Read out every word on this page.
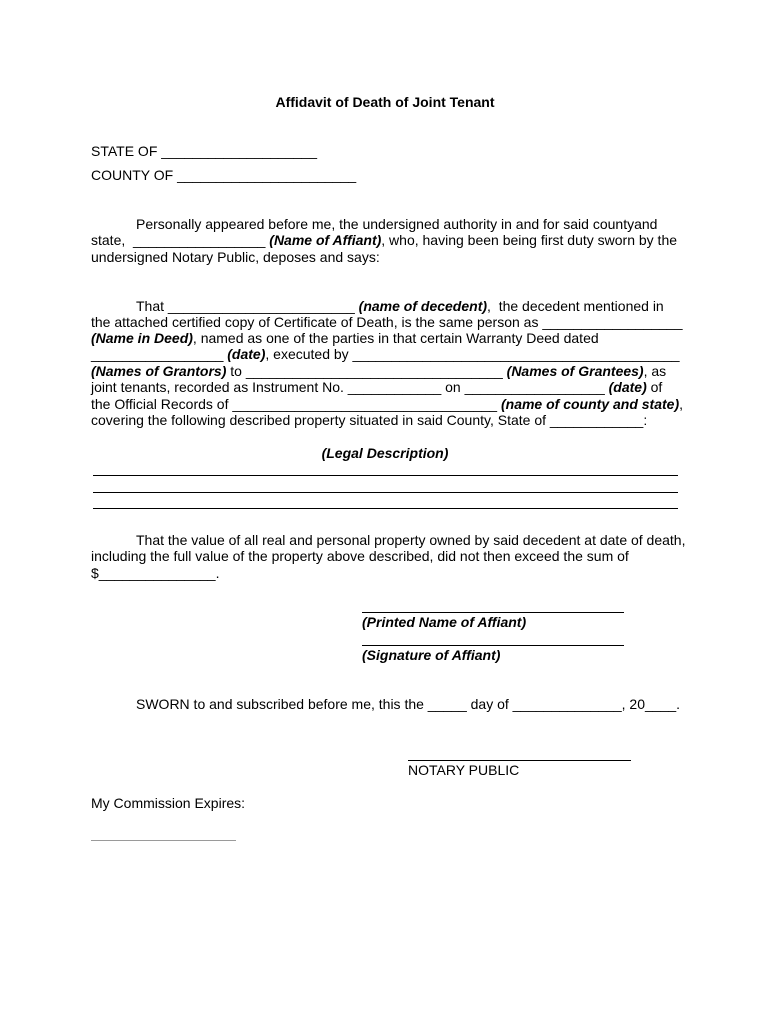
Affidavit of Death of Joint Tenant
STATE OF ____________________
COUNTY OF _______________________
Personally appeared before me, the undersigned authority in and for said countyand
state,  _________________ (Name of Affiant), who, having been being first duty sworn by the
undersigned Notary Public, deposes and says:
That ________________________ (name of decedent),  the decedent mentioned in
the attached certified copy of Certificate of Death, is the same person as __________________
(Name in Deed), named as one of the parties in that certain Warranty Deed dated
_________________ (date), executed by __________________________________________
(Names of Grantors) to _________________________________ (Names of Grantees), as
joint tenants, recorded as Instrument No. ____________ on __________________ (date) of
the Official Records of __________________________________ (name of county and state),
covering the following described property situated in said County, State of ____________:
(Legal Description)
That the value of all real and personal property owned by said decedent at date of death,
including the full value of the property above described, did not then exceed the sum of
$_______________.
(Printed Name of Affiant)
(Signature of Affiant)
SWORN to and subscribed before me, this the _____ day of ______________, 20____.
NOTARY PUBLIC
My Commission Expires:
